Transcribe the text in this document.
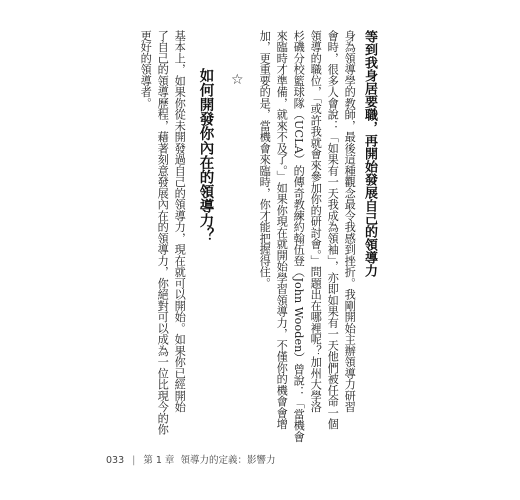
等到我身居要職，再開始發展自己的領導力
身為領導學的教師，最後這種觀念最令我感到挫折。我剛開始主辦領導力研習
會時，很多人會說：「如果有一天我成為領袖」，亦即如果有一天他們被任命一個
領導的職位，「或許我就會來參加你的研討會。」問題出在哪裡呢？加州大學洛
杉磯分校籃球隊（UCLA）的傳奇教練約翰伍登（John Wooden）曾說：「當機會
來臨時才準備，就來不及了。」如果你現在就開始學習領導力，不僅你的機會會增
加，更重要的是，當機會來臨時，你才能把握得住。
☆
如何開發你內在的領導力？
基本上，如果你從未開發過自己的領導力，現在就可以開始。如果你已經開始
了自己的領導歷程，藉著刻意發展內在的領導力，你絕對可以成為一位比現今的你
更好的領導者。
033 | 第 1 章 領導力的定義：影響力
